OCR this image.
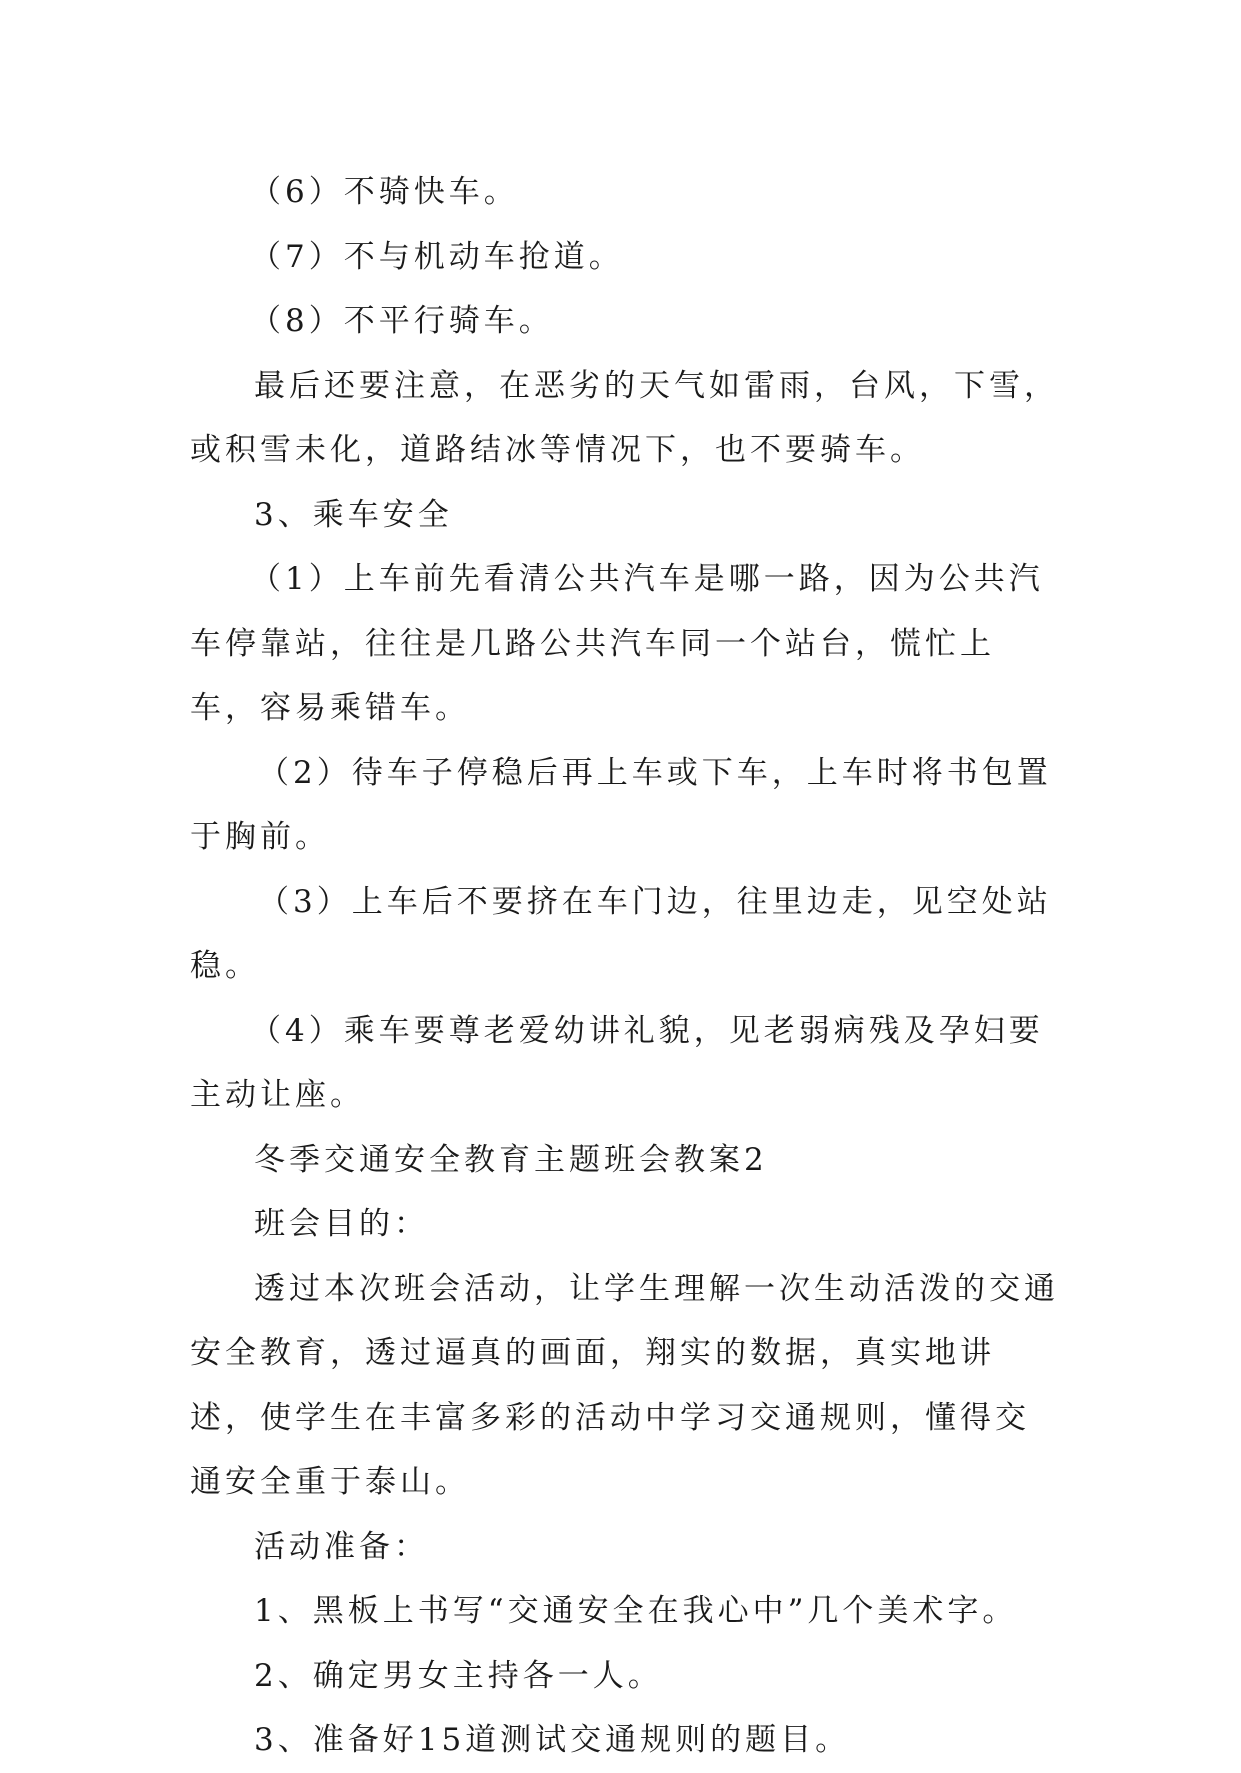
（6）不骑快车。

（7）不与机动车抢道。

（8）不平行骑车。

最后还要注意，在恶劣的天气如雷雨，台风，下雪，或积雪未化，道路结冰等情况下，也不要骑车。

3、乘车安全

（1）上车前先看清公共汽车是哪一路，因为公共汽车停靠站，往往是几路公共汽车同一个站台，慌忙上车，容易乘错车。

（2）待车子停稳后再上车或下车，上车时将书包置于胸前。

（3）上车后不要挤在车门边，往里边走，见空处站稳。

（4）乘车要尊老爱幼讲礼貌，见老弱病残及孕妇要主动让座。

冬季交通安全教育主题班会教案2

班会目的：

透过本次班会活动，让学生理解一次生动活泼的交通安全教育，透过逼真的画面，翔实的数据，真实地讲述，使学生在丰富多彩的活动中学习交通规则，懂得交通安全重于泰山。

活动准备：

1、黑板上书写“交通安全在我心中”几个美术字。

2、确定男女主持各一人。

3、准备好15道测试交通规则的题目。
